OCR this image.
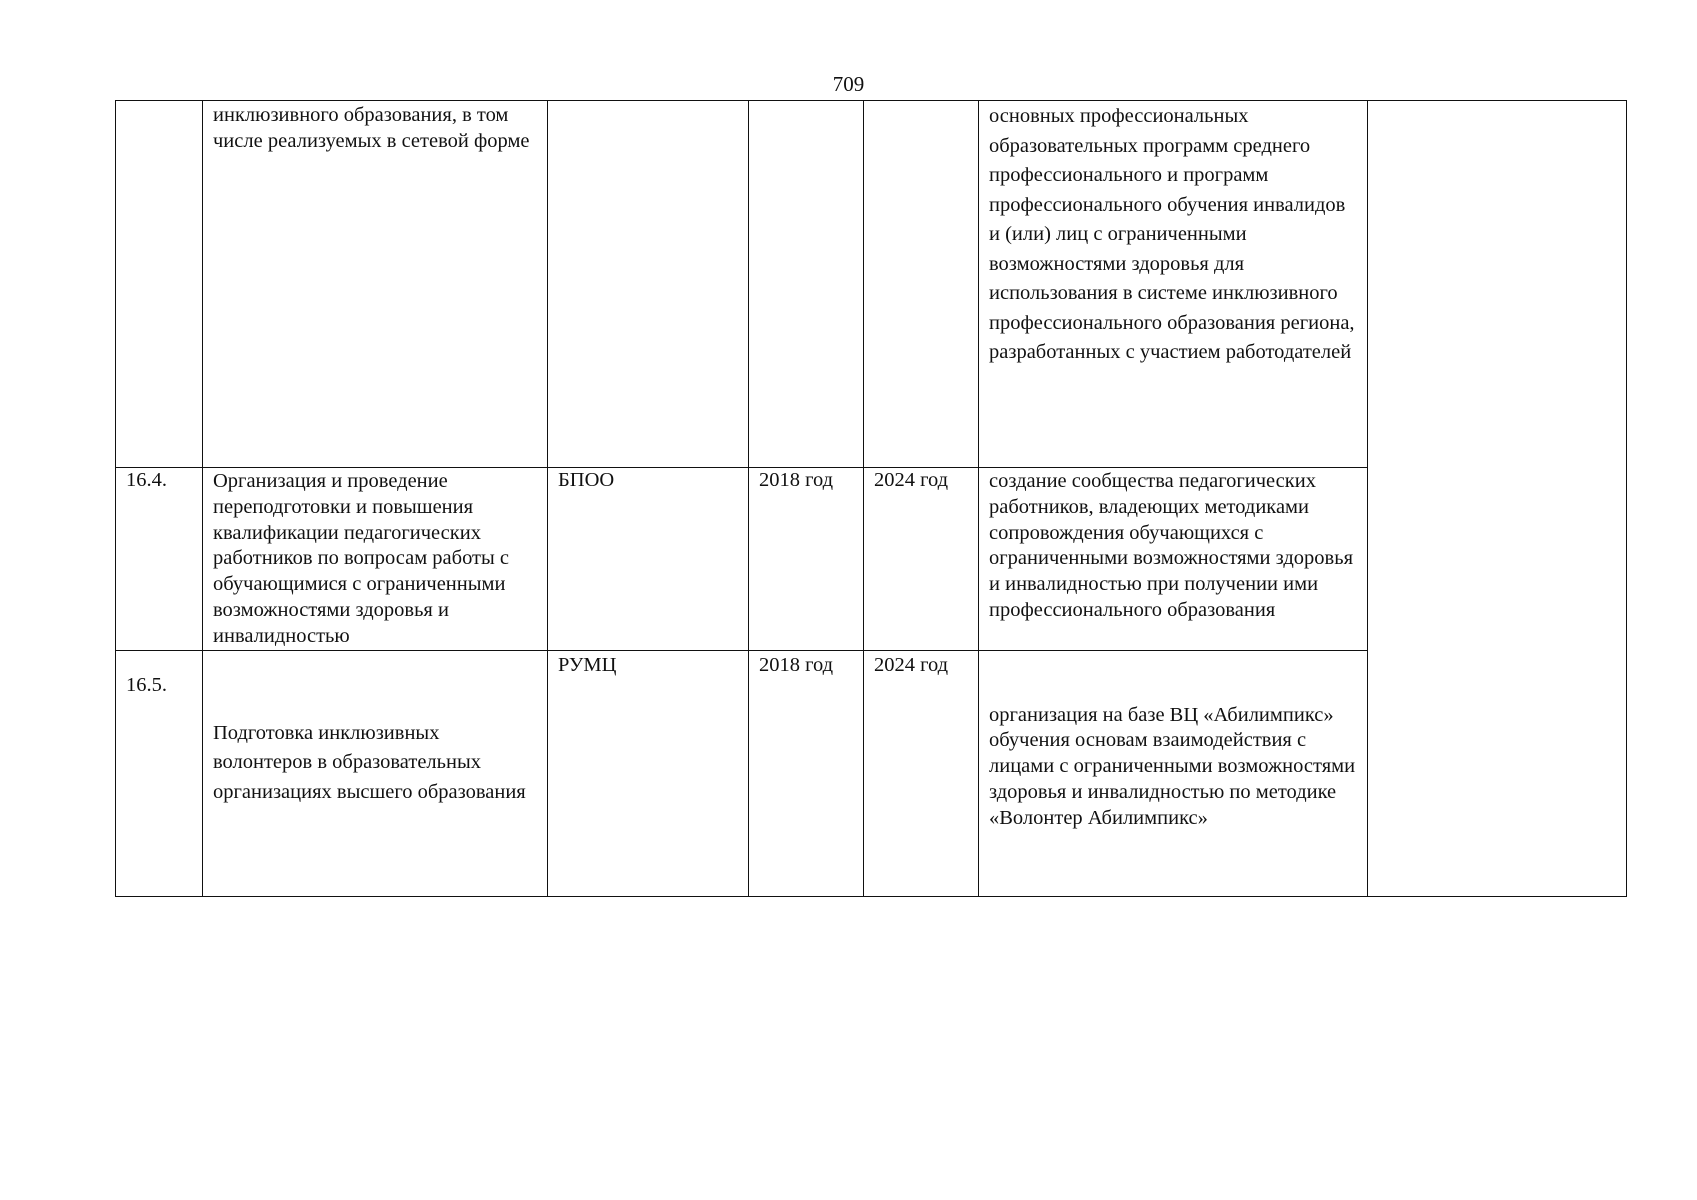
709
	инклюзивного образования, в том числе реализуемых в сетевой форме				основных профессиональных образовательных программ среднего профессионального и программ профессионального обучения инвалидов и (или) лиц с ограниченными возможностями здоровья для использования в системе инклюзивного профессионального образования региона, разработанных с участием работодателей	
16.4.	Организация и проведение переподготовки и повышения квалификации педагогических работников по вопросам работы с обучающимися с ограниченными возможностями здоровья и инвалидностью	БПОО	2018 год	2024 год	создание сообщества педагогических работников, владеющих методиками сопровождения обучающихся с ограниченными возможностями здоровья и инвалидностью при получении ими профессионального образования	
16.5.	Подготовка инклюзивных волонтеров в образовательных организациях высшего образования	РУМЦ	2018 год	2024 год	организация на базе ВЦ «Абилимпикс» обучения основам взаимодействия с лицами с ограниченными возможностями здоровья и инвалидностью по методике «Волонтер Абилимпикс»	
